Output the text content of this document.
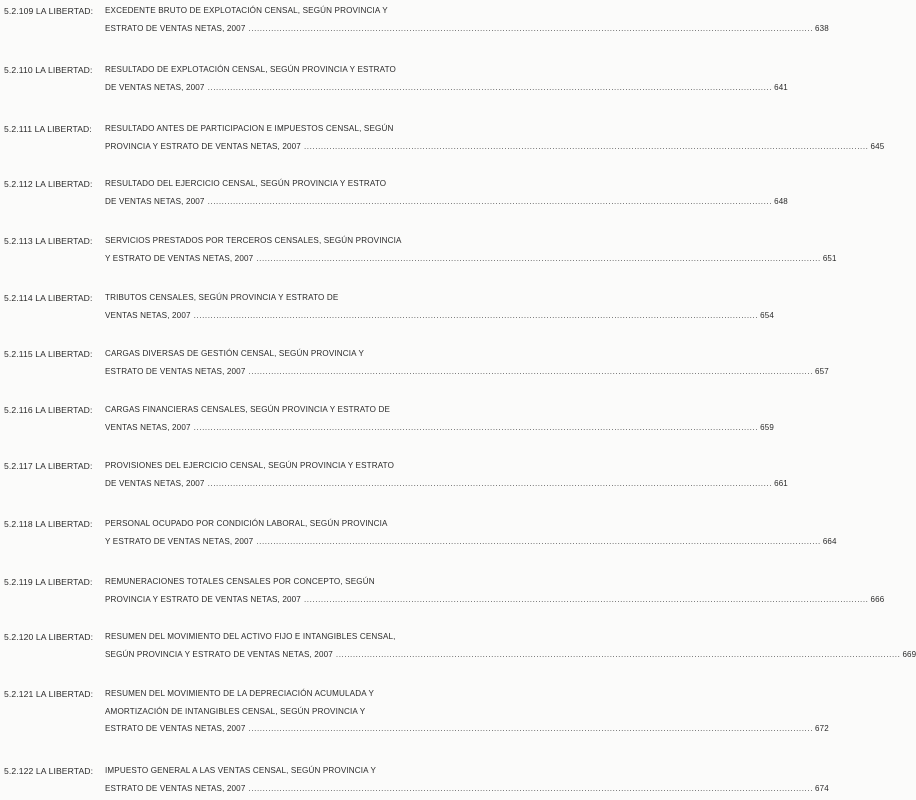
5.2.109 LA LIBERTAD: EXCEDENTE BRUTO DE EXPLOTACIÓN CENSAL, SEGÚN PROVINCIA Y
ESTRATO DE VENTAS NETAS, 2007 ........................................................................................................................................................................................................ 638
5.2.110 LA LIBERTAD: RESULTADO DE EXPLOTACIÓN CENSAL, SEGÚN PROVINCIA Y ESTRATO
DE VENTAS NETAS, 2007 ........................................................................................................................................................................................................ 641
5.2.111 LA LIBERTAD: RESULTADO ANTES DE PARTICIPACION E IMPUESTOS CENSAL, SEGÚN
PROVINCIA Y ESTRATO DE VENTAS NETAS, 2007 ........................................................................................................................................................................................................ 645
5.2.112 LA LIBERTAD: RESULTADO DEL EJERCICIO CENSAL, SEGÚN PROVINCIA Y ESTRATO
DE VENTAS NETAS, 2007 ........................................................................................................................................................................................................ 648
5.2.113 LA LIBERTAD: SERVICIOS PRESTADOS POR TERCEROS CENSALES, SEGÚN PROVINCIA
Y ESTRATO DE VENTAS NETAS, 2007 ........................................................................................................................................................................................................ 651
5.2.114 LA LIBERTAD: TRIBUTOS CENSALES, SEGÚN PROVINCIA Y ESTRATO DE
VENTAS NETAS, 2007 ........................................................................................................................................................................................................ 654
5.2.115 LA LIBERTAD: CARGAS DIVERSAS DE GESTIÓN CENSAL, SEGÚN PROVINCIA Y
ESTRATO DE VENTAS NETAS, 2007 ........................................................................................................................................................................................................ 657
5.2.116 LA LIBERTAD: CARGAS FINANCIERAS CENSALES, SEGÚN PROVINCIA Y ESTRATO DE
VENTAS NETAS, 2007 ........................................................................................................................................................................................................ 659
5.2.117 LA LIBERTAD: PROVISIONES DEL EJERCICIO CENSAL, SEGÚN PROVINCIA Y ESTRATO
DE VENTAS NETAS, 2007 ........................................................................................................................................................................................................ 661
5.2.118 LA LIBERTAD: PERSONAL OCUPADO POR CONDICIÓN LABORAL, SEGÚN PROVINCIA
Y ESTRATO DE VENTAS NETAS, 2007 ........................................................................................................................................................................................................ 664
5.2.119 LA LIBERTAD: REMUNERACIONES TOTALES CENSALES POR CONCEPTO, SEGÚN
PROVINCIA Y ESTRATO DE VENTAS NETAS, 2007 ........................................................................................................................................................................................................ 666
5.2.120 LA LIBERTAD: RESUMEN DEL MOVIMIENTO DEL ACTIVO FIJO E INTANGIBLES CENSAL,
SEGÚN PROVINCIA Y ESTRATO DE VENTAS NETAS, 2007 ........................................................................................................................................................................................................ 669
5.2.121 LA LIBERTAD: RESUMEN DEL MOVIMIENTO DE LA DEPRECIACIÓN ACUMULADA Y
AMORTIZACIÓN DE INTANGIBLES CENSAL, SEGÚN PROVINCIA Y
ESTRATO DE VENTAS NETAS, 2007 ........................................................................................................................................................................................................ 672
5.2.122 LA LIBERTAD: IMPUESTO GENERAL A LAS VENTAS CENSAL, SEGÚN PROVINCIA Y
ESTRATO DE VENTAS NETAS, 2007 ........................................................................................................................................................................................................ 674
